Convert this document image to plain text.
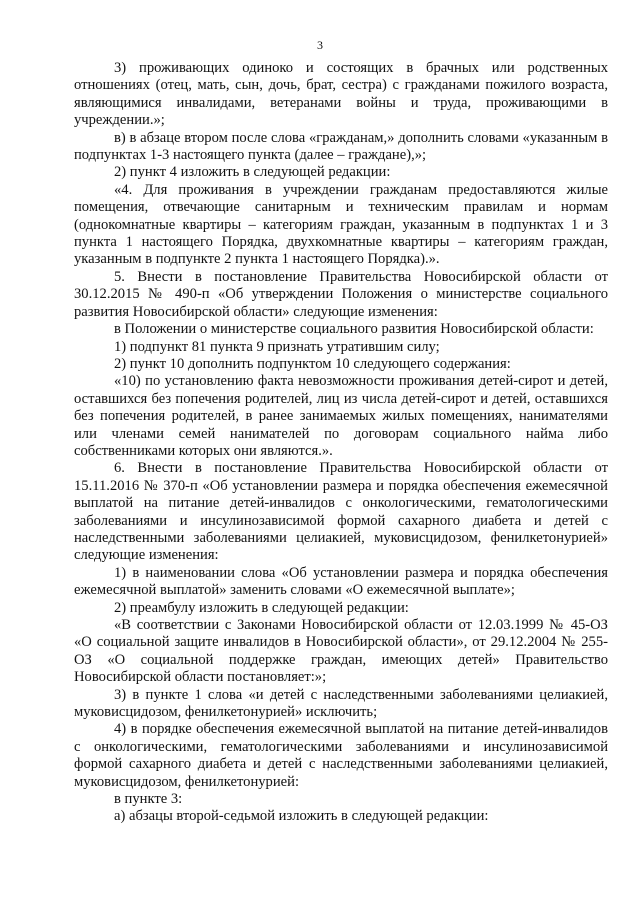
3

3) проживающих одиноко и состоящих в брачных или родственных отношениях (отец, мать, сын, дочь, брат, сестра) с гражданами пожилого возраста, являющимися инвалидами, ветеранами войны и труда, проживающими в учреждении.»;

в) в абзаце втором после слова «гражданам,» дополнить словами «указанным в подпунктах 1-3 настоящего пункта (далее – граждане),»;

2) пункт 4 изложить в следующей редакции:

«4. Для проживания в учреждении гражданам предоставляются жилые помещения, отвечающие санитарным и техническим правилам и нормам (однокомнатные квартиры – категориям граждан, указанным в подпунктах 1 и 3 пункта 1 настоящего Порядка, двухкомнатные квартиры – категориям граждан, указанным в подпункте 2 пункта 1 настоящего Порядка).».

5. Внести в постановление Правительства Новосибирской области от 30.12.2015 № 490-п «Об утверждении Положения о министерстве социального развития Новосибирской области» следующие изменения:

в Положении о министерстве социального развития Новосибирской области:

1) подпункт 81 пункта 9 признать утратившим силу;

2) пункт 10 дополнить подпунктом 10 следующего содержания:

«10) по установлению факта невозможности проживания детей-сирот и детей, оставшихся без попечения родителей, лиц из числа детей-сирот и детей, оставшихся без попечения родителей, в ранее занимаемых жилых помещениях, нанимателями или членами семей нанимателей по договорам социального найма либо собственниками которых они являются.».

6. Внести в постановление Правительства Новосибирской области от 15.11.2016 № 370-п «Об установлении размера и порядка обеспечения ежемесячной выплатой на питание детей-инвалидов с онкологическими, гематологическими заболеваниями и инсулинозависимой формой сахарного диабета и детей с наследственными заболеваниями целиакией, муковисцидозом, фенилкетонурией» следующие изменения:

1) в наименовании слова «Об установлении размера и порядка обеспечения ежемесячной выплатой» заменить словами «О ежемесячной выплате»;

2) преамбулу изложить в следующей редакции:

«В соответствии с Законами Новосибирской области от 12.03.1999 № 45-ОЗ «О социальной защите инвалидов в Новосибирской области», от 29.12.2004 № 255-ОЗ «О социальной поддержке граждан, имеющих детей» Правительство Новосибирской области постановляет:»;

3) в пункте 1 слова «и детей с наследственными заболеваниями целиакией, муковисцидозом, фенилкетонурией» исключить;

4) в порядке обеспечения ежемесячной выплатой на питание детей-инвалидов с онкологическими, гематологическими заболеваниями и инсулинозависимой формой сахарного диабета и детей с наследственными заболеваниями целиакией, муковисцидозом, фенилкетонурией:

в пункте 3:

а) абзацы второй-седьмой изложить в следующей редакции:
